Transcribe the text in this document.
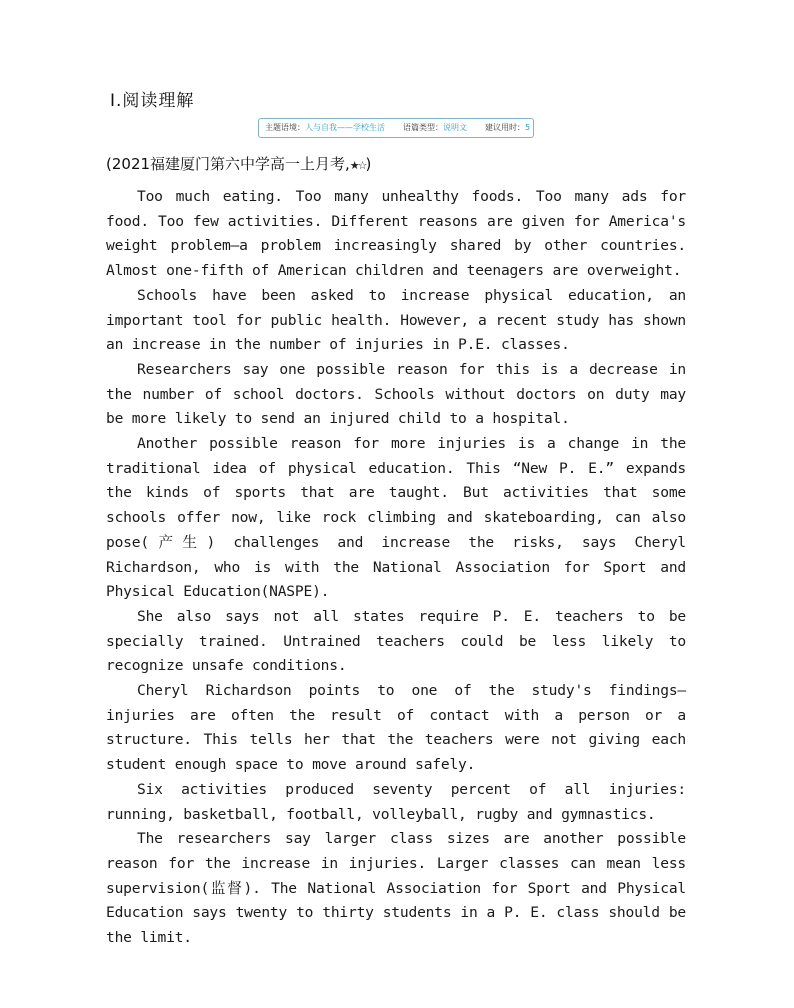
Ⅰ.阅读理解
主题语境：人与自我——学校生活 语篇类型：说明文 建议用时：5
(2021福建厦门第六中学高一上月考,★☆)

Too much eating. Too many unhealthy foods. Too many ads for food. Too few activities. Different reasons are given for America's weight problem—a problem increasingly shared by other countries. Almost one-fifth of American children and teenagers are overweight.

Schools have been asked to increase physical education, an important tool for public health. However, a recent study has shown an increase in the number of injuries in P.E. classes.

Researchers say one possible reason for this is a decrease in the number of school doctors. Schools without doctors on duty may be more likely to send an injured child to a hospital.

Another possible reason for more injuries is a change in the traditional idea of physical education. This “New P. E.” expands the kinds of sports that are taught. But activities that some schools offer now, like rock climbing and skateboarding, can also pose(产生) challenges and increase the risks, says Cheryl Richardson, who is with the National Association for Sport and Physical Education(NASPE).

She also says not all states require P. E. teachers to be specially trained. Untrained teachers could be less likely to recognize unsafe conditions.

Cheryl Richardson points to one of the study's findings—injuries are often the result of contact with a person or a structure. This tells her that the teachers were not giving each student enough space to move around safely.

Six activities produced seventy percent of all injuries: running, basketball, football, volleyball, rugby and gymnastics.

The researchers say larger class sizes are another possible reason for the increase in injuries. Larger classes can mean less supervision(监督). The National Association for Sport and Physical Education says twenty to thirty students in a P. E. class should be the limit.
